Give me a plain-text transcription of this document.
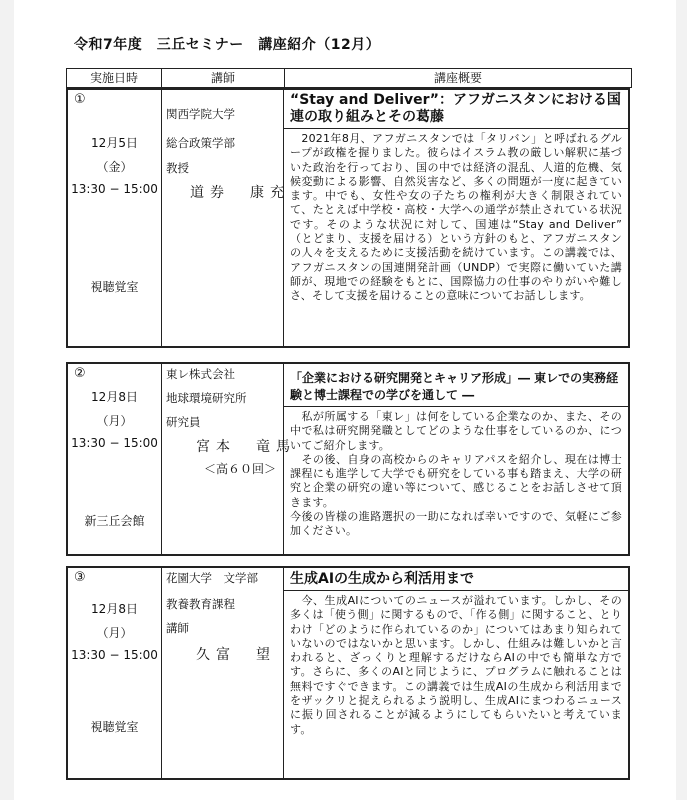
令和7年度　三丘セミナー　講座紹介（12月）
実施日時	講師	講座概要
①
12月5日
（金）
13:30 − 15:00
視聴覚室
関西学院大学
総合政策学部
教授
道券　康充
“Stay and Deliver”：アフガニスタンにおける国連の取り組みとその葛藤
　2021年8月、アフガニスタンでは「タリバン」と呼ばれるグループが政権を握りました。彼らはイスラム教の厳しい解釈に基づいた政治を行っており、国の中では経済の混乱、人道的危機、気候変動による影響、自然災害など、多くの問題が一度に起きています。中でも、女性や女の子たちの権利が大きく制限されていて、たとえば中学校・高校・大学への通学が禁止されている状況です。そのような状況に対して、国連は“Stay and Deliver” （とどまり、支援を届ける）という方針のもと、アフガニスタンの人々を支えるために支援活動を続けています。この講義では、アフガニスタンの国連開発計画（UNDP）で実際に働いていた講師が、現地での経験をもとに、国際協力の仕事のやりがいや難しさ、そして支援を届けることの意味についてお話しします。
②
12月8日
（月）
13:30 − 15:00
新三丘会館
東レ株式会社
地球環境研究所
研究員
宮本　竜馬
＜高６０回＞
「企業における研究開発とキャリア形成」― 東レでの実務経験と博士課程での学びを通して ―
　私が所属する「東レ」は何をしている企業なのか、また、その中で私は研究開発職としてどのような仕事をしているのか、についてご紹介します。
　その後、自身の高校からのキャリアパスを紹介し、現在は博士課程にも進学して大学でも研究をしている事も踏まえ、大学の研究と企業の研究の違い等について、感じることをお話しさせて頂きます。
今後の皆様の進路選択の一助になれば幸いですので、気軽にご参加ください。
③
12月8日
（月）
13:30 − 15:00
視聴覚室
花園大学　文学部
教養教育課程
講師
久富　望
生成AIの生成から利活用まで
　今、生成AIについてのニュースが溢れています。しかし、その多くは「使う側」に関するもので、「作る側」に関すること、とりわけ「どのように作られているのか」についてはあまり知られていないのではないかと思います。しかし、仕組みは難しいかと言われると、ざっくりと理解するだけならAIの中でも簡単な方です。さらに、多くのAIと同じように、プログラムに触れることは無料ですぐできます。この講義では生成AIの生成から利活用までをザックリと捉えられるよう説明し、生成AIにまつわるニュースに振り回されることが減るようにしてもらいたいと考えています。
